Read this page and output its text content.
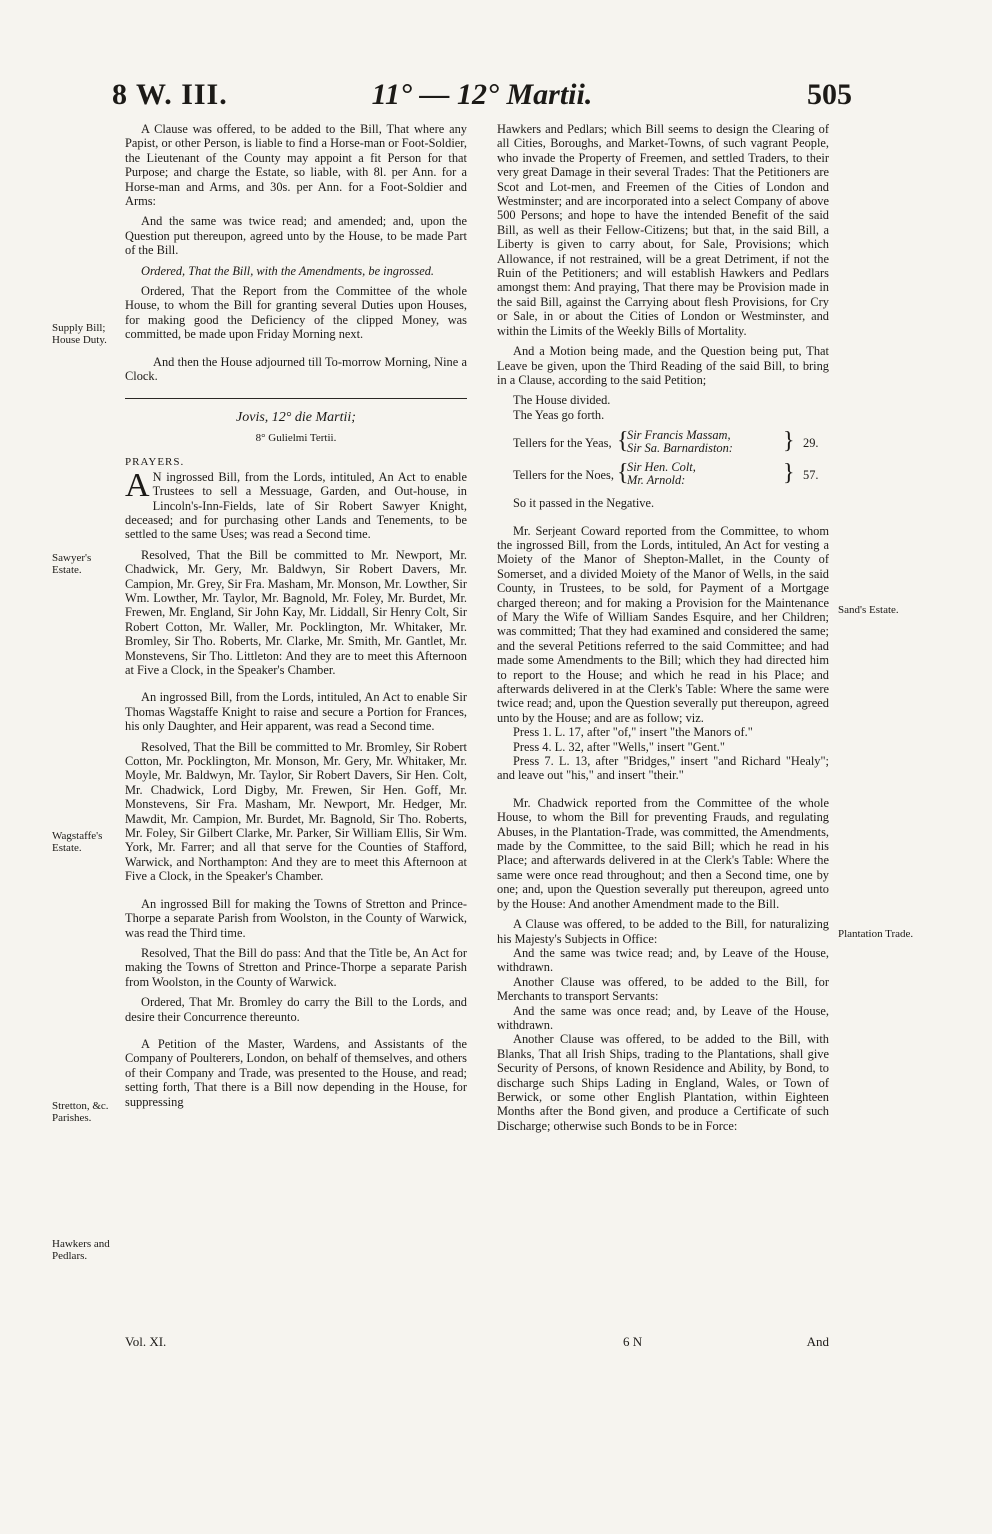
8 W. III.	11° — 12° Martii.	505
Supply Bill; House Duty.
Sawyer's Estate.
Wagstaffe's Estate.
Stretton, &c. Parishes.
Hawkers and Pedlars.
Sand's Estate.
Plantation Trade.

A Clause was offered, to be added to the Bill, That where any Papist, or other Person, is liable to find a Horse-man or Foot-Soldier, the Lieutenant of the County may appoint a fit Person for that Purpose; and charge the Estate, so liable, with 8l. per Ann. for a Horse-man and Arms, and 30s. per Ann. for a Foot-Soldier and Arms:

And the same was twice read; and amended; and, upon the Question put thereupon, agreed unto by the House, to be made Part of the Bill.

Ordered, That the Bill, with the Amendments, be ingrossed.

Ordered, That the Report from the Committee of the whole House, to whom the Bill for granting several Duties upon Houses, for making good the Deficiency of the clipped Money, was committed, be made upon Friday Morning next.

And then the House adjourned till To-morrow Morning, Nine a Clock.

Jovis, 12° die Martii;

8° Gulielmi Tertii.

PRAYERS.

A N ingrossed Bill, from the Lords, intituled, An Act to enable Trustees to sell a Messuage, Garden, and Out-house, in Lincoln's-Inn-Fields, late of Sir Robert Sawyer Knight, deceased; and for purchasing other Lands and Tenements, to be settled to the same Uses; was read a Second time.

Resolved, That the Bill be committed to Mr. Newport, Mr. Chadwick, Mr. Gery, Mr. Baldwyn, Sir Robert Davers, Mr. Campion, Mr. Grey, Sir Fra. Masham, Mr. Monson, Mr. Lowther, Sir Wm. Lowther, Mr. Taylor, Mr. Bagnold, Mr. Foley, Mr. Burdet, Mr. Frewen, Mr. England, Sir John Kay, Mr. Liddall, Sir Henry Colt, Sir Robert Cotton, Mr. Waller, Mr. Pocklington, Mr. Whitaker, Mr. Bromley, Sir Tho. Roberts, Mr. Clarke, Mr. Smith, Mr. Gantlet, Mr. Monstevens, Sir Tho. Littleton: And they are to meet this Afternoon at Five a Clock, in the Speaker's Chamber.

An ingrossed Bill, from the Lords, intituled, An Act to enable Sir Thomas Wagstaffe Knight to raise and secure a Portion for Frances, his only Daughter, and Heir apparent, was read a Second time.

Resolved, That the Bill be committed to Mr. Bromley, Sir Robert Cotton, Mr. Pocklington, Mr. Monson, Mr. Gery, Mr. Whitaker, Mr. Moyle, Mr. Baldwyn, Mr. Taylor, Sir Robert Davers, Sir Hen. Colt, Mr. Chadwick, Lord Digby, Mr. Frewen, Sir Hen. Goff, Mr. Monstevens, Sir Fra. Masham, Mr. Newport, Mr. Hedger, Mr. Mawdit, Mr. Campion, Mr. Burdet, Mr. Bagnold, Sir Tho. Roberts, Mr. Foley, Sir Gilbert Clarke, Mr. Parker, Sir William Ellis, Sir Wm. York, Mr. Farrer; and all that serve for the Counties of Stafford, Warwick, and Northampton: And they are to meet this Afternoon at Five a Clock, in the Speaker's Chamber.

An ingrossed Bill for making the Towns of Stretton and Prince-Thorpe a separate Parish from Woolston, in the County of Warwick, was read the Third time.

Resolved, That the Bill do pass: And that the Title be, An Act for making the Towns of Stretton and Prince-Thorpe a separate Parish from Woolston, in the County of Warwick.

Ordered, That Mr. Bromley do carry the Bill to the Lords, and desire their Concurrence thereunto.

A Petition of the Master, Wardens, and Assistants of the Company of Poulterers, London, on behalf of themselves, and others of their Company and Trade, was presented to the House, and read; setting forth, That there is a Bill now depending in the House, for suppressing

Hawkers and Pedlars; which Bill seems to design the Clearing of all Cities, Boroughs, and Market-Towns, of such vagrant People, who invade the Property of Freemen, and settled Traders, to their very great Damage in their several Trades: That the Petitioners are Scot and Lot-men, and Freemen of the Cities of London and Westminster; and are incorporated into a select Company of above 500 Persons; and hope to have the intended Benefit of the said Bill, as well as their Fellow-Citizens; but that, in the said Bill, a Liberty is given to carry about, for Sale, Provisions; which Allowance, if not restrained, will be a great Detriment, if not the Ruin of the Petitioners; and will establish Hawkers and Pedlars amongst them: And praying, That there may be Provision made in the said Bill, against the Carrying about flesh Provisions, for Cry or Sale, in or about the Cities of London or Westminster, and within the Limits of the Weekly Bills of Mortality.

And a Motion being made, and the Question being put, That Leave be given, upon the Third Reading of the said Bill, to bring in a Clause, according to the said Petition;

The House divided.

The Yeas go forth.

Tellers for the Yeas, {
Sir Francis Massam,
Sir Sa. Barnardiston: } 29.
Tellers for the Noes, {
Sir Hen. Colt,
Mr. Arnold:	} 57.

So it passed in the Negative.

Mr. Serjeant Coward reported from the Committee, to whom the ingrossed Bill, from the Lords, intituled, An Act for vesting a Moiety of the Manor of Shepton-Mallet, in the County of Somerset, and a divided Moiety of the Manor of Wells, in the said County, in Trustees, to be sold, for Payment of a Mortgage charged thereon; and for making a Provision for the Maintenance of Mary the Wife of William Sandes Esquire, and her Children; was committed; That they had examined and considered the same; and the several Petitions referred to the said Committee; and had made some Amendments to the Bill; which they had directed him to report to the House; and which he read in his Place; and afterwards delivered in at the Clerk's Table: Where the same were twice read; and, upon the Question severally put thereupon, agreed unto by the House; and are as follow; viz.

Press 1. L. 17, after "of," insert "the Manors of."

Press 4. L. 32, after "Wells," insert "Gent."

Press 7. L. 13, after "Bridges," insert "and Richard "Healy"; and leave out "his," and insert "their."

Mr. Chadwick reported from the Committee of the whole House, to whom the Bill for preventing Frauds, and regulating Abuses, in the Plantation-Trade, was committed, the Amendments, made by the Committee, to the said Bill; which he read in his Place; and afterwards delivered in at the Clerk's Table: Where the same were once read throughout; and then a Second time, one by one; and, upon the Question severally put thereupon, agreed unto by the House: And another Amendment made to the Bill.

A Clause was offered, to be added to the Bill, for naturalizing his Majesty's Subjects in Office:

And the same was twice read; and, by Leave of the House, withdrawn.

Another Clause was offered, to be added to the Bill, for Merchants to transport Servants:

And the same was once read; and, by Leave of the House, withdrawn.

Another Clause was offered, to be added to the Bill, with Blanks, That all Irish Ships, trading to the Plantations, shall give Security of Persons, of known Residence and Ability, by Bond, to discharge such Ships Lading in England, Wales, or Town of Berwick, or some other English Plantation, within Eighteen Months after the Bond given, and produce a Certificate of such Discharge; otherwise such Bonds to be in Force:

Vol. XI.	6 N	And
